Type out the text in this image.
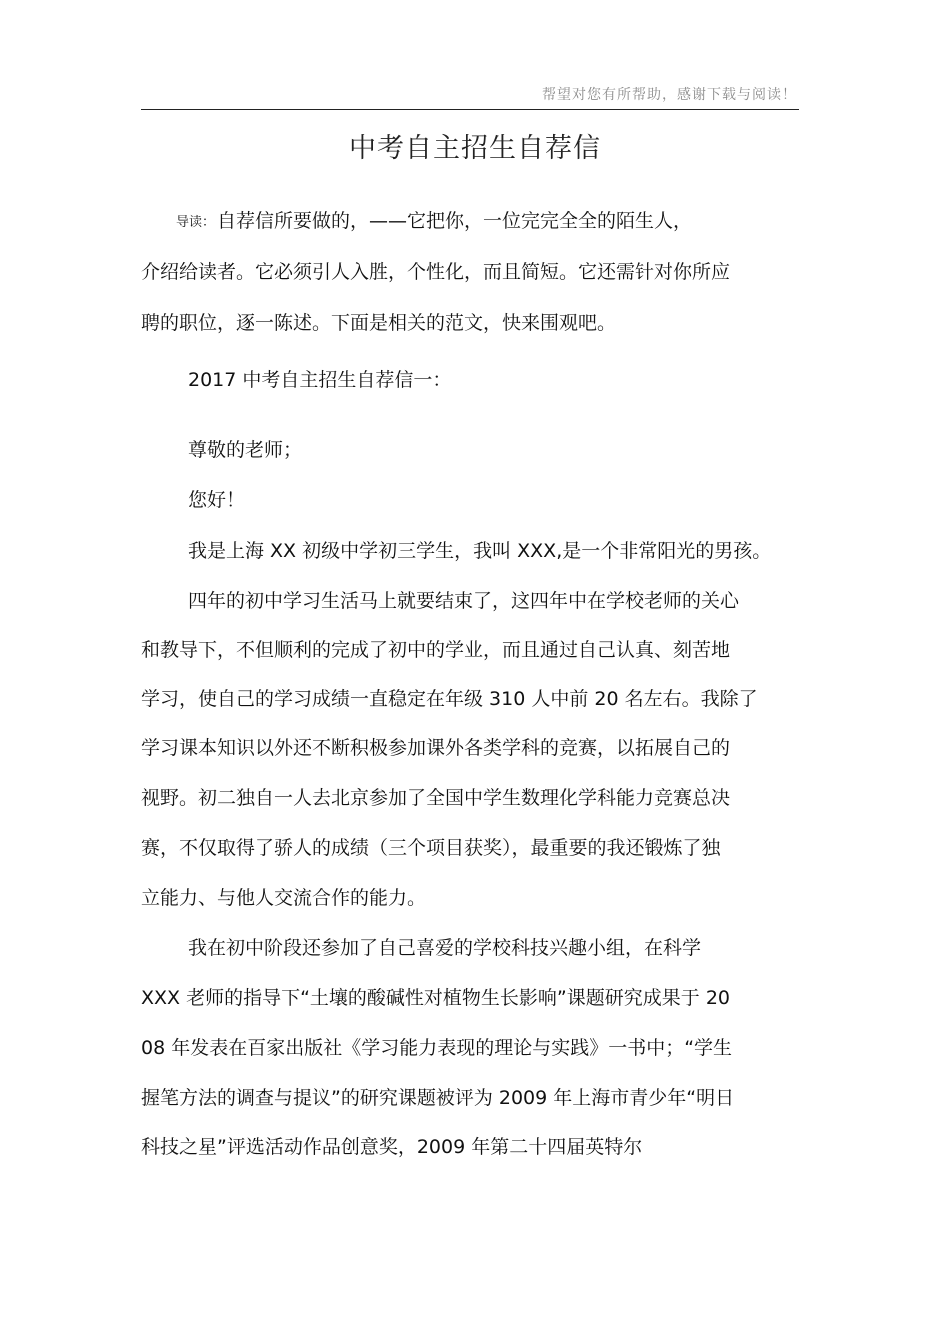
帮望对您有所帮助，感谢下载与阅读！
中考自主招生自荐信
导读： 自荐信所要做的，——它把你，一位完完全全的陌生人，
介绍给读者。它必须引人入胜，个性化，而且简短。它还需针对你所应
聘的职位，逐一陈述。下面是相关的范文，快来围观吧。
2017 中考自主招生自荐信一：
尊敬的老师；
您好！
我是上海 XX 初级中学初三学生，我叫 XXX,是一个非常阳光的男孩。
四年的初中学习生活马上就要结束了，这四年中在学校老师的关心
和教导下，不但顺利的完成了初中的学业，而且通过自己认真、刻苦地
学习，使自己的学习成绩一直稳定在年级 310 人中前 20 名左右。我除了
学习课本知识以外还不断积极参加课外各类学科的竞赛，以拓展自己的
视野。初二独自一人去北京参加了全国中学生数理化学科能力竞赛总决
赛，不仅取得了骄人的成绩（三个项目获奖），最重要的我还锻炼了独
立能力、与他人交流合作的能力。
我在初中阶段还参加了自己喜爱的学校科技兴趣小组，在科学
XXX 老师的指导下“土壤的酸碱性对植物生长影响”课题研究成果于 20
08 年发表在百家出版社《学习能力表现的理论与实践》一书中；“学生
握笔方法的调查与提议”的研究课题被评为 2009 年上海市青少年“明日
科技之星”评选活动作品创意奖，2009 年第二十四届英特尔
